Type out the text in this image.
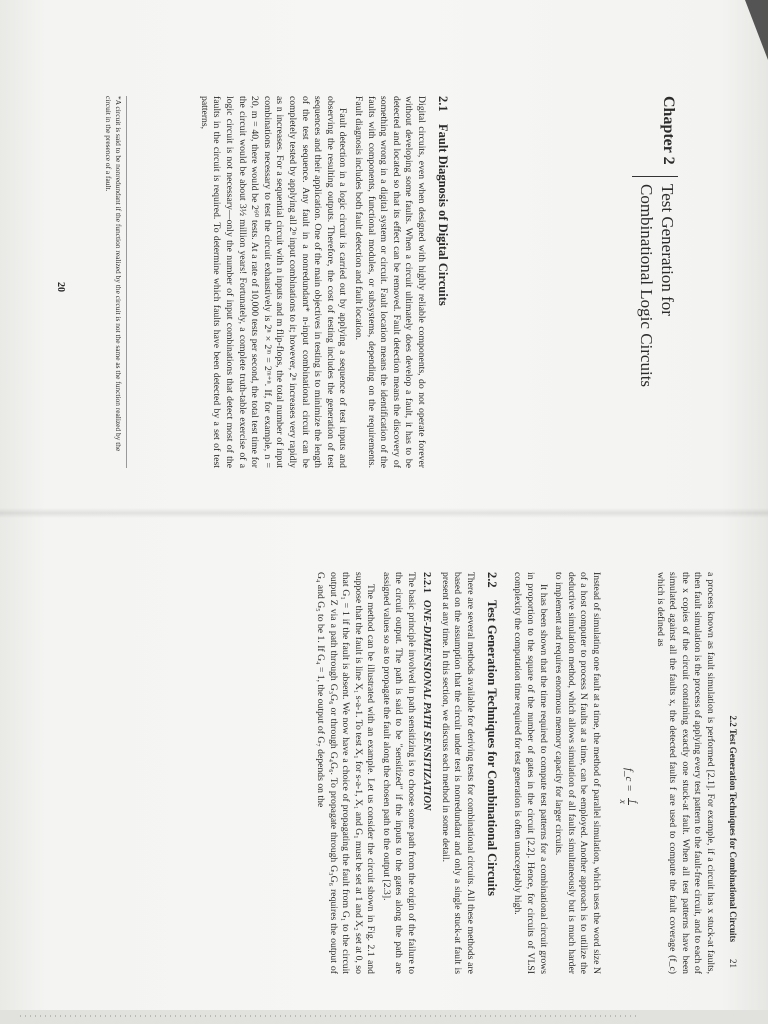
Chapter 2
Test Generation for
Combinational Logic Circuits
2.1Fault Diagnosis of Digital Circuits

Digital circuits, even when designed with highly reliable components, do not operate forever without developing some faults. When a circuit ultimately does develop a fault, it has to be detected and located so that its effect can be removed. Fault detection means the discovery of something wrong in a digital system or circuit. Fault location means the identification of the faults with components, functional modules, or subsystems, depending on the requirements. Fault diagnosis includes both fault detection and fault location.

Fault detection in a logic circuit is carried out by applying a sequence of test inputs and observing the resulting outputs. Therefore, the cost of testing includes the generation of test sequences and their application. One of the main objectives in testing is to minimize the length of the test sequence. Any fault in a nonredundant* n-input combinational circuit can be completely tested by applying all 2ⁿ input combinations to it; however, 2ⁿ increases very rapidly as n increases. For a sequential circuit with n inputs and m flip-flops, the total number of input combinations necessary to test the circuit exhaustively is 2ⁿ × 2ᵐ = 2ᵐ⁺ⁿ. If, for example, n = 20, m = 40, there would be 2⁶⁰ tests. At a rate of 10,000 tests per second, the total test time for the circuit would be about 3½ million years! Fortunately, a complete truth-table exercise of a logic circuit is not necessary—only the number of input combinations that detect most of the faults in the circuit is required. To determine which faults have been detected by a set of test patterns,

*A circuit is said to be nonredundant if the function realized by the circuit is not the same as the function realized by the circuit in the presence of a fault.
20
2.2 Test Generation Techniques for Combinational Circuits21

a process known as fault simulation is performed [2.1]. For example, if a circuit has x stuck-at faults, then fault simulation is the process of applying every test pattern to the fault-free circuit, and to each of the x copies of the circuit containing exactly one stuck-at fault. When all test patterns have been simulated against all the faults x, the detected faults f are used to compute the fault coverage (f_c) which is defined as

f_c =
f
x

Instead of simulating one fault at a time, the method of parallel simulation, which uses the word size N of a host computer to process N faults at a time, can be employed. Another approach is to utilize the deductive simulation method, which allows simulation of all faults simultaneously but is much harder to implement and requires enormous memory capacity for larger circuits.

It has been shown that the time required to compute test patterns for a combinational circuit grows in proportion to the square of the number of gates in the circuit [2.2]. Hence, for circuits of VLSI complexity the computation time required for test generation is often unacceptably high.

2.2Test Generation Techniques for Combinational Circuits

There are several methods available for deriving tests for combinational circuits. All these methods are based on the assumption that the circuit under test is nonredundant and only a single stuck-at fault is present at any time. In this section, we discuss each method in some detail.

2.2.1ONE-DIMENSIONAL PATH SENSITIZATION

The basic principle involved in path sensitizing is to choose some path from the origin of the failure to the circuit output. The path is said to be "sensitized" if the inputs to the gates along the path are assigned values so as to propagate the fault along the chosen path to the output [2.3].

The method can be illustrated with an example. Let us consider the circuit shown in Fig. 2.1 and suppose that the fault is line X₁ s-a-1. To test X₁ for s-a-1, X₁ and G₁ must be set at 1 and X₂ set at 0, so that G₁ = 1 if the fault is absent. We now have a choice of propagating the fault from G₁ to the circuit output Z via a path through G₃G₆ or through G₄G₆. To propagate through G₃G₆ requires the output of G₄ and G₅ to be 1. If G₄ = 1, the output of G₇ depends on the
